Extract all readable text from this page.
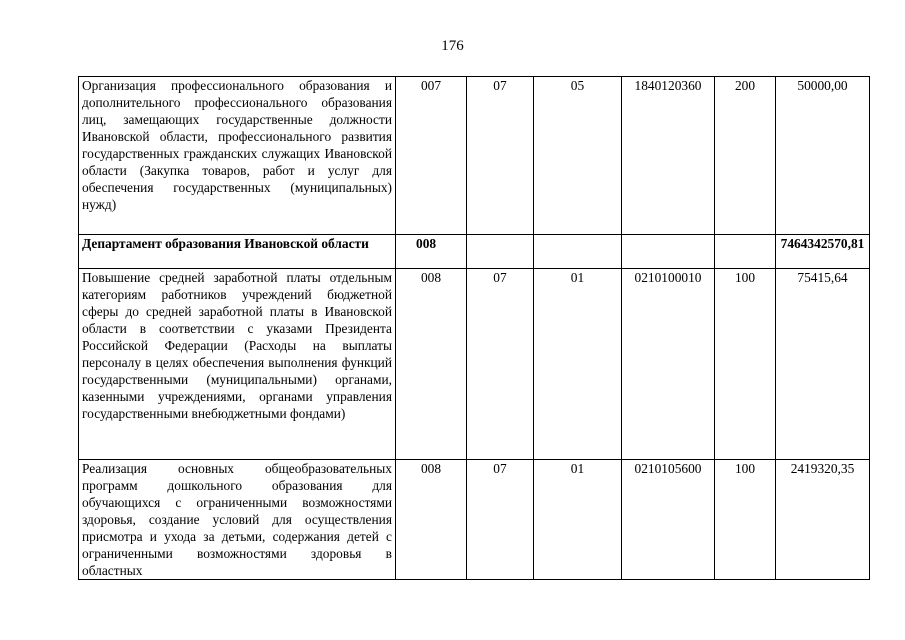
176
Организация профессионального образования и дополнительного профессионального образования лиц, замещающих государственные должности Ивановской области, профессионального развития государственных гражданских служащих Ивановской области (Закупка товаров, работ и услуг для обеспечения государственных (муниципальных) нужд)	007	07	05	1840120360	200	50000,00
Департамент образования Ивановской области	008					7464342570,81
Повышение средней заработной платы отдельным категориям работников учреждений бюджетной сферы до средней заработной платы в Ивановской области в соответствии с указами Президента Российской Федерации (Расходы на выплаты персоналу в целях обеспечения выполнения функций государственными (муниципальными) органами, казенными учреждениями, органами управления государственными внебюджетными фондами)	008	07	01	0210100010	100	75415,64

Реализация основных общеобразовательных программ дошкольного образования для обучающихся с ограниченными возможностями здоровья, создание условий для осуществления присмотра и ухода за детьми, содержания детей с ограниченными возможностями здоровья в областных	008	07	01	0210105600	100	2419320,35
